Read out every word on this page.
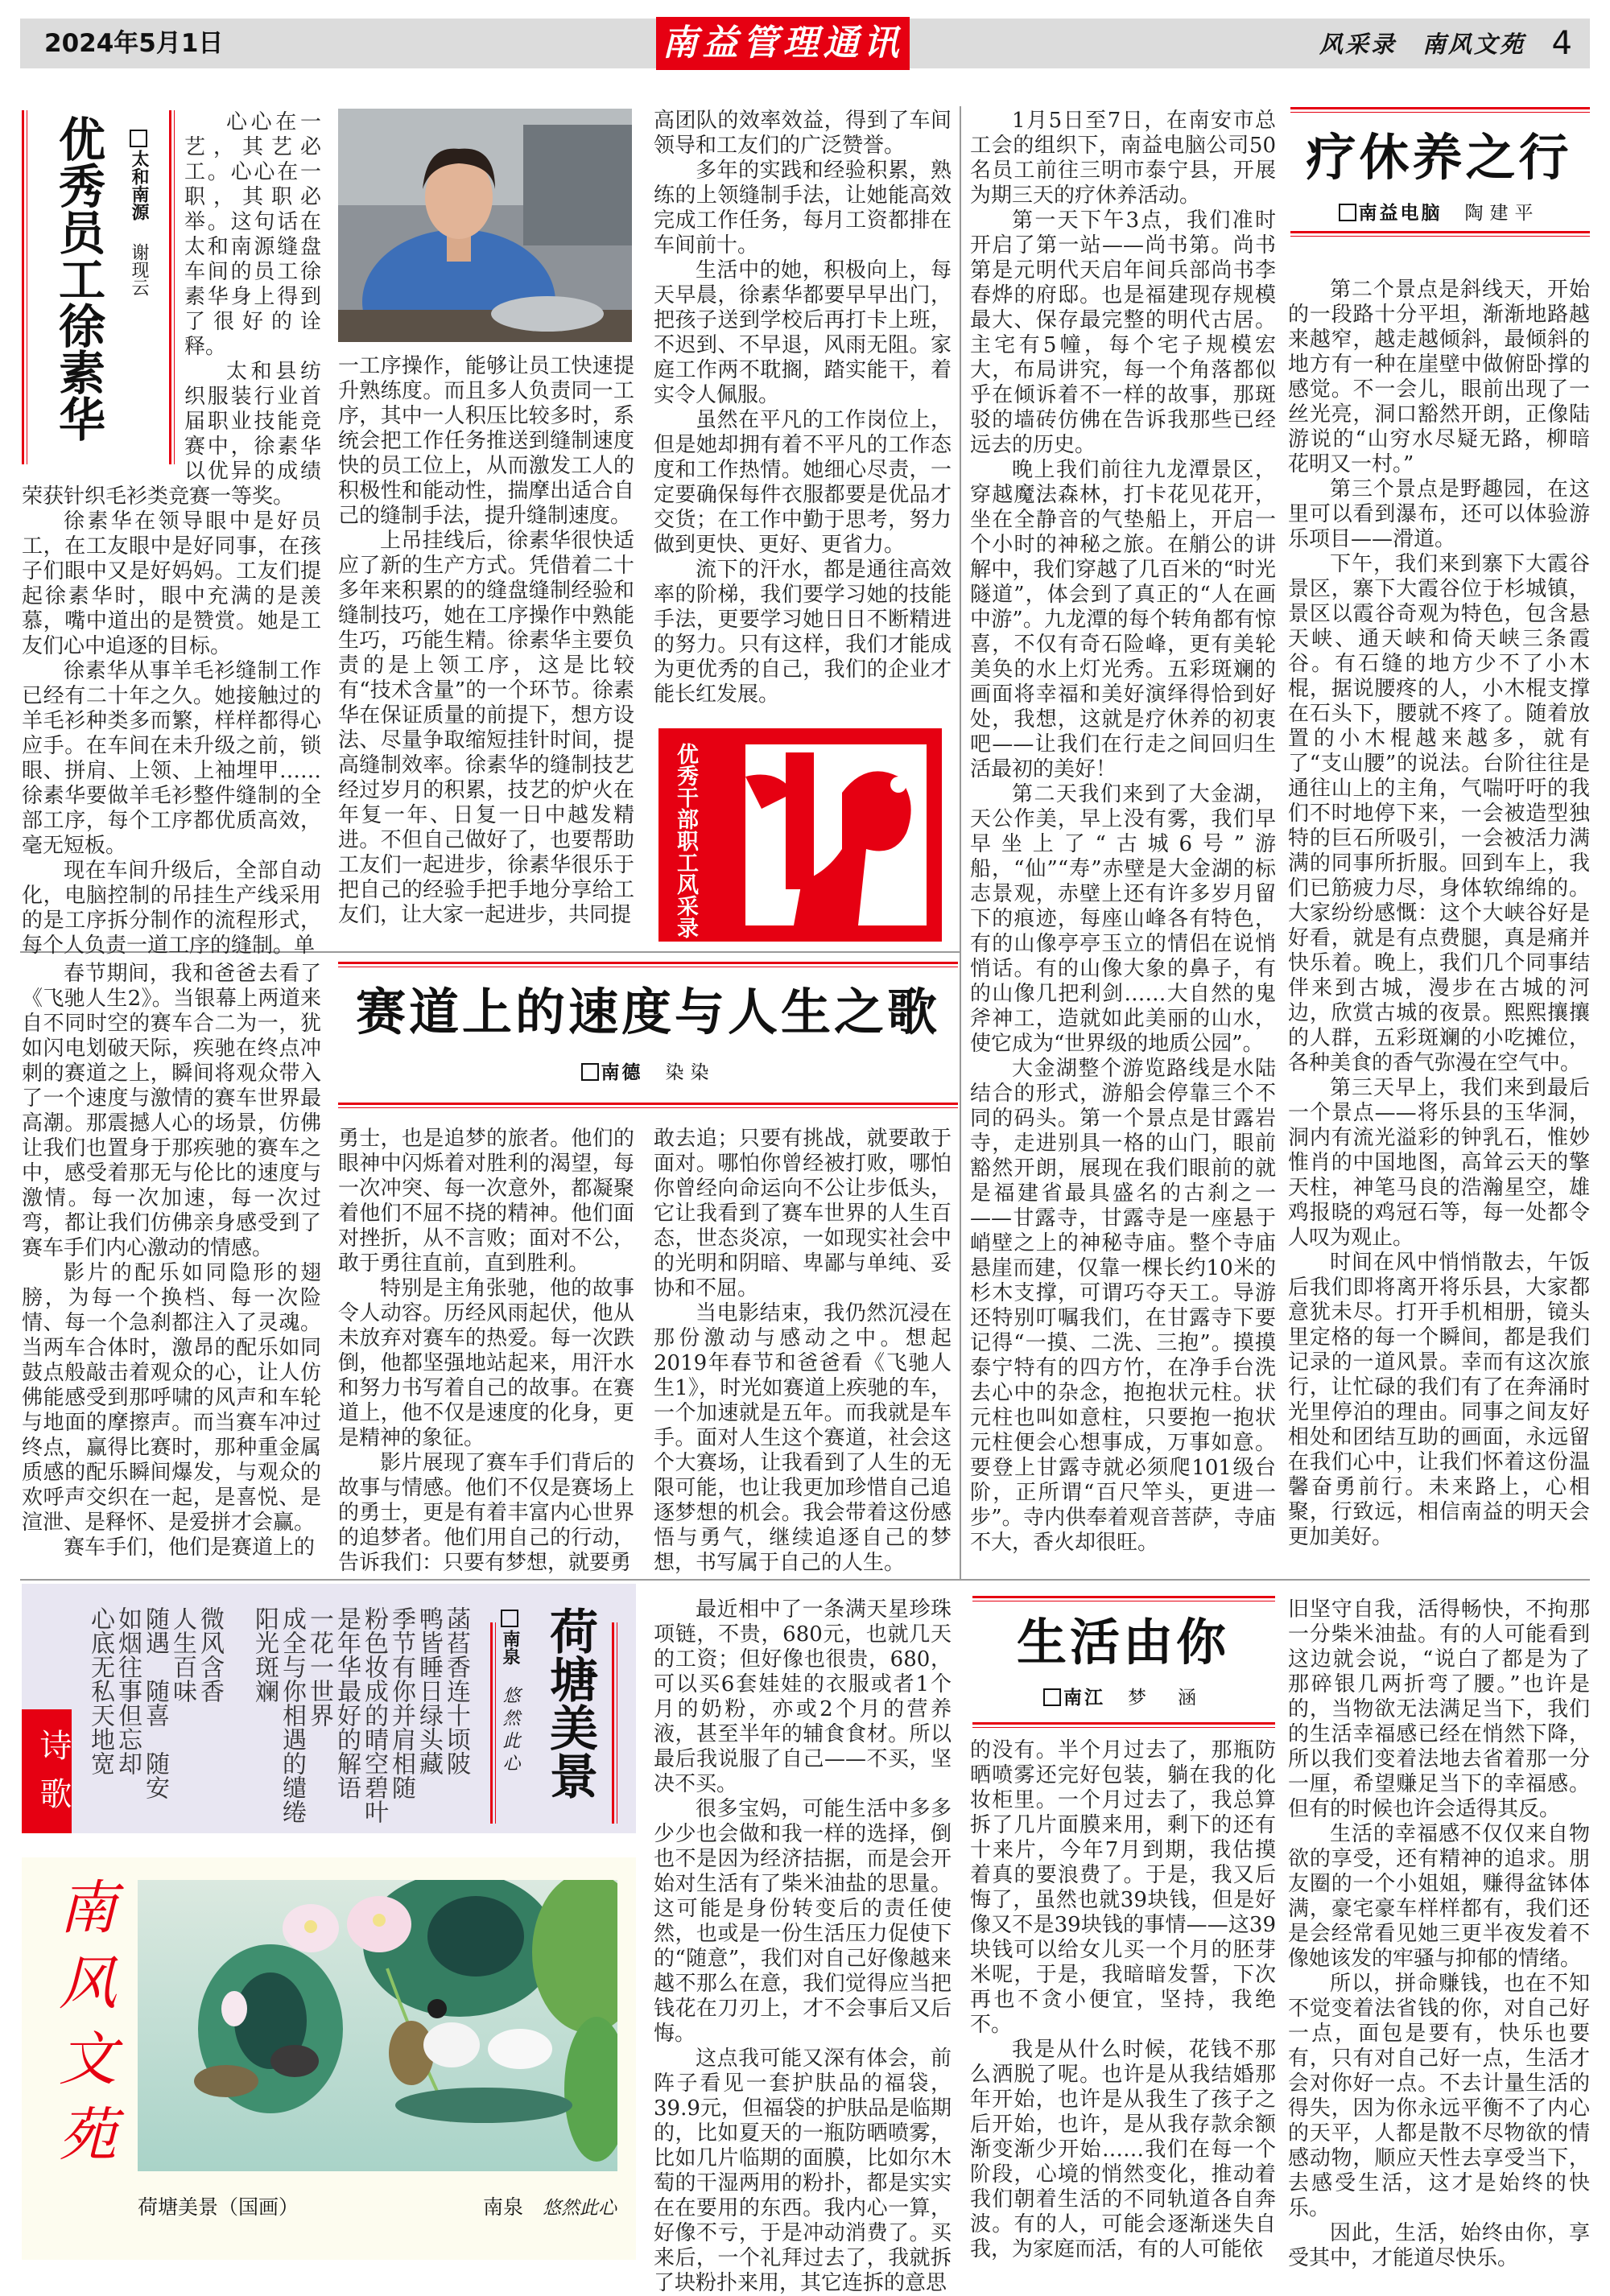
2024年5月1日	南益管理通讯	风采录　南风文苑 4
优秀员工徐素华 太和南源谢现云

心心在一艺，其艺必工。心心在一职，其职必举。这句话在太和南源缝盘车间的员工徐素华身上得到了很好的诠释。

太和县纺织服装行业首届职业技能竞赛中，徐素华以优异的成绩荣获针织毛衫类竞赛一等奖。

徐素华在领导眼中是好员工，在工友眼中是好同事，在孩子们眼中又是好妈妈。工友们提起徐素华时，眼中充满的是羡慕，嘴中道出的是赞赏。她是工友们心中追逐的目标。

徐素华从事羊毛衫缝制工作已经有二十年之久。她接触过的羊毛衫种类多而繁，样样都得心应手。在车间在未升级之前，锁眼、拼肩、上领、上袖埋甲……徐素华要做羊毛衫整件缝制的全部工序，每个工序都优质高效，毫无短板。

现在车间升级后，全部自动化，电脑控制的吊挂生产线采用的是工序拆分制作的流程形式，每个人负责一道工序的缝制。单

一工序操作，能够让员工快速提升熟练度。而且多人负责同一工序，其中一人积压比较多时，系统会把工作任务推送到缝制速度快的员工位上，从而激发工人的积极性和能动性，揣摩出适合自己的缝制手法，提升缝制速度。

上吊挂线后，徐素华很快适应了新的生产方式。凭借着二十多年来积累的的缝盘缝制经验和缝制技巧，她在工序操作中熟能生巧，巧能生精。徐素华主要负责的是上领工序，这是比较有“技术含量”的一个环节。徐素华在保证质量的前提下，想方设法、尽量争取缩短挂针时间，提高缝制效率。徐素华的缝制技艺经过岁月的积累，技艺的炉火在年复一年、日复一日中越发精进。不但自己做好了，也要帮助工友们一起进步，徐素华很乐于把自己的经验手把手地分享给工友们，让大家一起进步，共同提

高团队的效率效益，得到了车间领导和工友们的广泛赞誉。

多年的实践和经验积累，熟练的上领缝制手法，让她能高效完成工作任务，每月工资都排在车间前十。

生活中的她，积极向上，每天早晨，徐素华都要早早出门，把孩子送到学校后再打卡上班，不迟到、不早退，风雨无阻。家庭工作两不耽搁，踏实能干，着实令人佩服。

虽然在平凡的工作岗位上，但是她却拥有着不平凡的工作态度和工作热情。她细心尽责，一定要确保每件衣服都要是优品才交货；在工作中勤于思考，努力做到更快、更好、更省力。

流下的汗水，都是通往高效率的阶梯，我们要学习她的技能手法，更要学习她日日不断精进的努力。只有这样，我们才能成为更优秀的自己，我们的企业才能长红发展。

优秀干部职工风采录

1月5日至7日，在南安市总工会的组织下，南益电脑公司50名员工前往三明市泰宁县，开展为期三天的疗休养活动。

第一天下午3点，我们准时开启了第一站——尚书第。尚书第是元明代天启年间兵部尚书李春烨的府邸。也是福建现存规模最大、保存最完整的明代古居。主宅有5幢，每个宅子规模宏大，布局讲究，每一个角落都似乎在倾诉着不一样的故事，那斑驳的墙砖仿佛在告诉我那些已经远去的历史。

晚上我们前往九龙潭景区，穿越魔法森林，打卡花见花开，坐在全静音的气垫船上，开启一个小时的神秘之旅。在艄公的讲解中，我们穿越了几百米的“时光隧道”，体会到了真正的“人在画中游”。九龙潭的每个转角都有惊喜，不仅有奇石险峰，更有美轮美奂的水上灯光秀。五彩斑斓的画面将幸福和美好演绎得恰到好处，我想，这就是疗休养的初衷吧——让我们在行走之间回归生活最初的美好！

第二天我们来到了大金湖，天公作美，早上没有雾，我们早早坐上了“古城6号”游船，“仙”“寿”赤壁是大金湖的标志景观，赤壁上还有许多岁月留下的痕迹，每座山峰各有特色，有的山像亭亭玉立的情侣在说悄悄话。有的山像大象的鼻子，有的山像几把利剑……大自然的鬼斧神工，造就如此美丽的山水，使它成为“世界级的地质公园”。

大金湖整个游览路线是水陆结合的形式，游船会停靠三个不同的码头。第一个景点是甘露岩寺，走进别具一格的山门，眼前豁然开朗，展现在我们眼前的就是福建省最具盛名的古刹之一——甘露寺，甘露寺是一座悬于峭壁之上的神秘寺庙。整个寺庙悬崖而建，仅靠一棵长约10米的杉木支撑，可谓巧夺天工。导游还特别叮嘱我们，在甘露寺下要记得“一摸、二洗、三抱”。摸摸泰宁特有的四方竹，在净手台洗去心中的杂念，抱抱状元柱。状元柱也叫如意柱，只要抱一抱状元柱便会心想事成，万事如意。要登上甘露寺就必须爬101级台阶，正所谓“百尺竿头，更进一步”。寺内供奉着观音菩萨，寺庙不大，香火却很旺。

疗休养之行
南益电脑 陶建平

第二个景点是斜线天，开始的一段路十分平坦，渐渐地路越来越窄，越走越倾斜，最倾斜的地方有一种在崖壁中做俯卧撑的感觉。不一会儿，眼前出现了一丝光亮，洞口豁然开朗，正像陆游说的“山穷水尽疑无路，柳暗花明又一村。”

第三个景点是野趣园，在这里可以看到瀑布，还可以体验游乐项目——滑道。

下午，我们来到寨下大霞谷景区，寨下大霞谷位于杉城镇，景区以霞谷奇观为特色，包含悬天峡、通天峡和倚天峡三条霞谷。有石缝的地方少不了小木棍，据说腰疼的人，小木棍支撑在石头下，腰就不疼了。随着放置的小木棍越来越多，就有了“支山腰”的说法。台阶往往是通往山上的主角，气喘吁吁的我们不时地停下来，一会被造型独特的巨石所吸引，一会被活力满满的同事所折服。回到车上，我们已筋疲力尽，身体软绵绵的。大家纷纷感慨：这个大峡谷好是好看，就是有点费腿，真是痛并快乐着。晚上，我们几个同事结伴来到古城，漫步在古城的河边，欣赏古城的夜景。熙熙攘攘的人群，五彩斑斓的小吃摊位，各种美食的香气弥漫在空气中。

第三天早上，我们来到最后一个景点——将乐县的玉华洞，洞内有流光溢彩的钟乳石，惟妙惟肖的中国地图，高耸云天的擎天柱，神笔马良的浩瀚星空，雄鸡报晓的鸡冠石等，每一处都令人叹为观止。

时间在风中悄悄散去，午饭后我们即将离开将乐县，大家都意犹未尽。打开手机相册，镜头里定格的每一个瞬间，都是我们记录的一道风景。幸而有这次旅行，让忙碌的我们有了在奔涌时光里停泊的理由。同事之间友好相处和团结互助的画面，永远留在我们心中，让我们怀着这份温馨奋勇前行。未来路上，心相聚，行致远，相信南益的明天会更加美好。

春节期间，我和爸爸去看了《飞驰人生2》。当银幕上两道来自不同时空的赛车合二为一，犹如闪电划破天际，疾驰在终点冲刺的赛道之上，瞬间将观众带入了一个速度与激情的赛车世界最高潮。那震撼人心的场景，仿佛让我们也置身于那疾驰的赛车之中，感受着那无与伦比的速度与激情。每一次加速，每一次过弯，都让我们仿佛亲身感受到了赛车手们内心激动的情感。

影片的配乐如同隐形的翅膀，为每一个换档、每一次险情、每一个急刹都注入了灵魂。当两车合体时，激昂的配乐如同鼓点般敲击着观众的心，让人仿佛能感受到那呼啸的风声和车轮与地面的摩擦声。而当赛车冲过终点，赢得比赛时，那种重金属质感的配乐瞬间爆发，与观众的欢呼声交织在一起，是喜悦、是渲泄、是释怀、是爱拼才会赢。

赛车手们，他们是赛道上的

赛道上的速度与人生之歌
南德 染染

勇士，也是追梦的旅者。他们的眼神中闪烁着对胜利的渴望，每一次冲突、每一次意外，都凝聚着他们不屈不挠的精神。他们面对挫折，从不言败；面对不公，敢于勇往直前，直到胜利。

特别是主角张驰，他的故事令人动容。历经风雨起伏，他从未放弃对赛车的热爱。每一次跌倒，他都坚强地站起来，用汗水和努力书写着自己的故事。在赛道上，他不仅是速度的化身，更是精神的象征。

影片展现了赛车手们背后的故事与情感。他们不仅是赛场上的勇士，更是有着丰富内心世界的追梦者。他们用自己的行动，告诉我们：只要有梦想，就要勇

敢去追；只要有挑战，就要敢于面对。哪怕你曾经被打败，哪怕你曾经向命运向不公让步低头，它让我看到了赛车世界的人生百态，世态炎凉，一如现实社会中的光明和阴暗、卑鄙与单纯、妥协和不屈。

当电影结束，我仍然沉浸在那份激动与感动之中。想起2019年春节和爸爸看《飞驰人生1》，时光如赛道上疾驰的车，一个加速就是五年。而我就是车手。面对人生这个赛道，社会这个大赛场，让我看到了人生的无限可能，也让我更加珍惜自己追逐梦想的机会。我会带着这份感悟与勇气，继续追逐自己的梦想，书写属于自己的人生。

诗歌
菡萏香连十顷陂
鸭皆睡日绿头藏
季节有你并肩相随
粉色妆成的晴空碧叶
是年华最好的解语
一花一世界
成全与你相遇的缱绻
阳光斑斓
微风含香
人生百味
随遇　随喜　随安
如烟往事但忘却
心底无私天地宽	荷塘美景
南泉悠然此心
南风文苑
荷塘美景（国画）	南泉 悠然此心

最近相中了一条满天星珍珠项链，不贵，680元，也就几天的工资；但好像也很贵，680，可以买6套娃娃的衣服或者1个月的奶粉，亦或2个月的营养液，甚至半年的辅食食材。所以最后我说服了自己——不买，坚决不买。

很多宝妈，可能生活中多多少少也会做和我一样的选择，倒也不是因为经济拮据，而是会开始对生活有了柴米油盐的思量。这可能是身份转变后的责任使然，也或是一份生活压力促使下的“随意”，我们对自己好像越来越不那么在意，我们觉得应当把钱花在刀刃上，才不会事后又后悔。

这点我可能又深有体会，前阵子看见一套护肤品的福袋，39.9元，但福袋的护肤品是临期的，比如夏天的一瓶防晒喷雾，比如几片临期的面膜，比如尔木萄的干湿两用的粉扑，都是实实在在要用的东西。我内心一算，好像不亏，于是冲动消费了。买来后，一个礼拜过去了，我就拆了块粉扑来用，其它连拆的意思

生活由你
南江 梦　涵

的没有。半个月过去了，那瓶防晒喷雾还完好包装，躺在我的化妆柜里。一个月过去了，我总算拆了几片面膜来用，剩下的还有十来片，今年7月到期，我估摸着真的要浪费了。于是，我又后悔了，虽然也就39块钱，但是好像又不是39块钱的事情——这39块钱可以给女儿买一个月的胚芽米呢，于是，我暗暗发誓，下次再也不贪小便宜，坚持，我绝不。

我是从什么时候，花钱不那么洒脱了呢。也许是从我结婚那年开始，也许是从我生了孩子之后开始，也许，是从我存款余额渐变渐少开始……我们在每一个阶段，心境的悄然变化，推动着我们朝着生活的不同轨道各自奔波。有的人，可能会逐渐迷失自我，为家庭而活，有的人可能依

旧坚守自我，活得畅快，不拘那一分柴米油盐。有的人可能看到这边就会说，“说白了都是为了那碎银几两折弯了腰。”也许是的，当物欲无法满足当下，我们的生活幸福感已经在悄然下降，所以我们变着法地去省着那一分一厘，希望赚足当下的幸福感。但有的时候也许会适得其反。

生活的幸福感不仅仅来自物欲的享受，还有精神的追求。朋友圈的一个小姐姐，赚得盆钵体满，豪宅豪车样样都有，我们还是会经常看见她三更半夜发着不像她该发的牢骚与抑郁的情绪。

所以，拼命赚钱，也在不知不觉变着法省钱的你，对自己好一点，面包是要有，快乐也要有，只有对自己好一点，生活才会对你好一点。不去计量生活的得失，因为你永远平衡不了内心的天平，人都是散不尽物欲的情感动物，顺应天性去享受当下，去感受生活，这才是始终的快乐。

因此，生活，始终由你，享受其中，才能道尽快乐。
